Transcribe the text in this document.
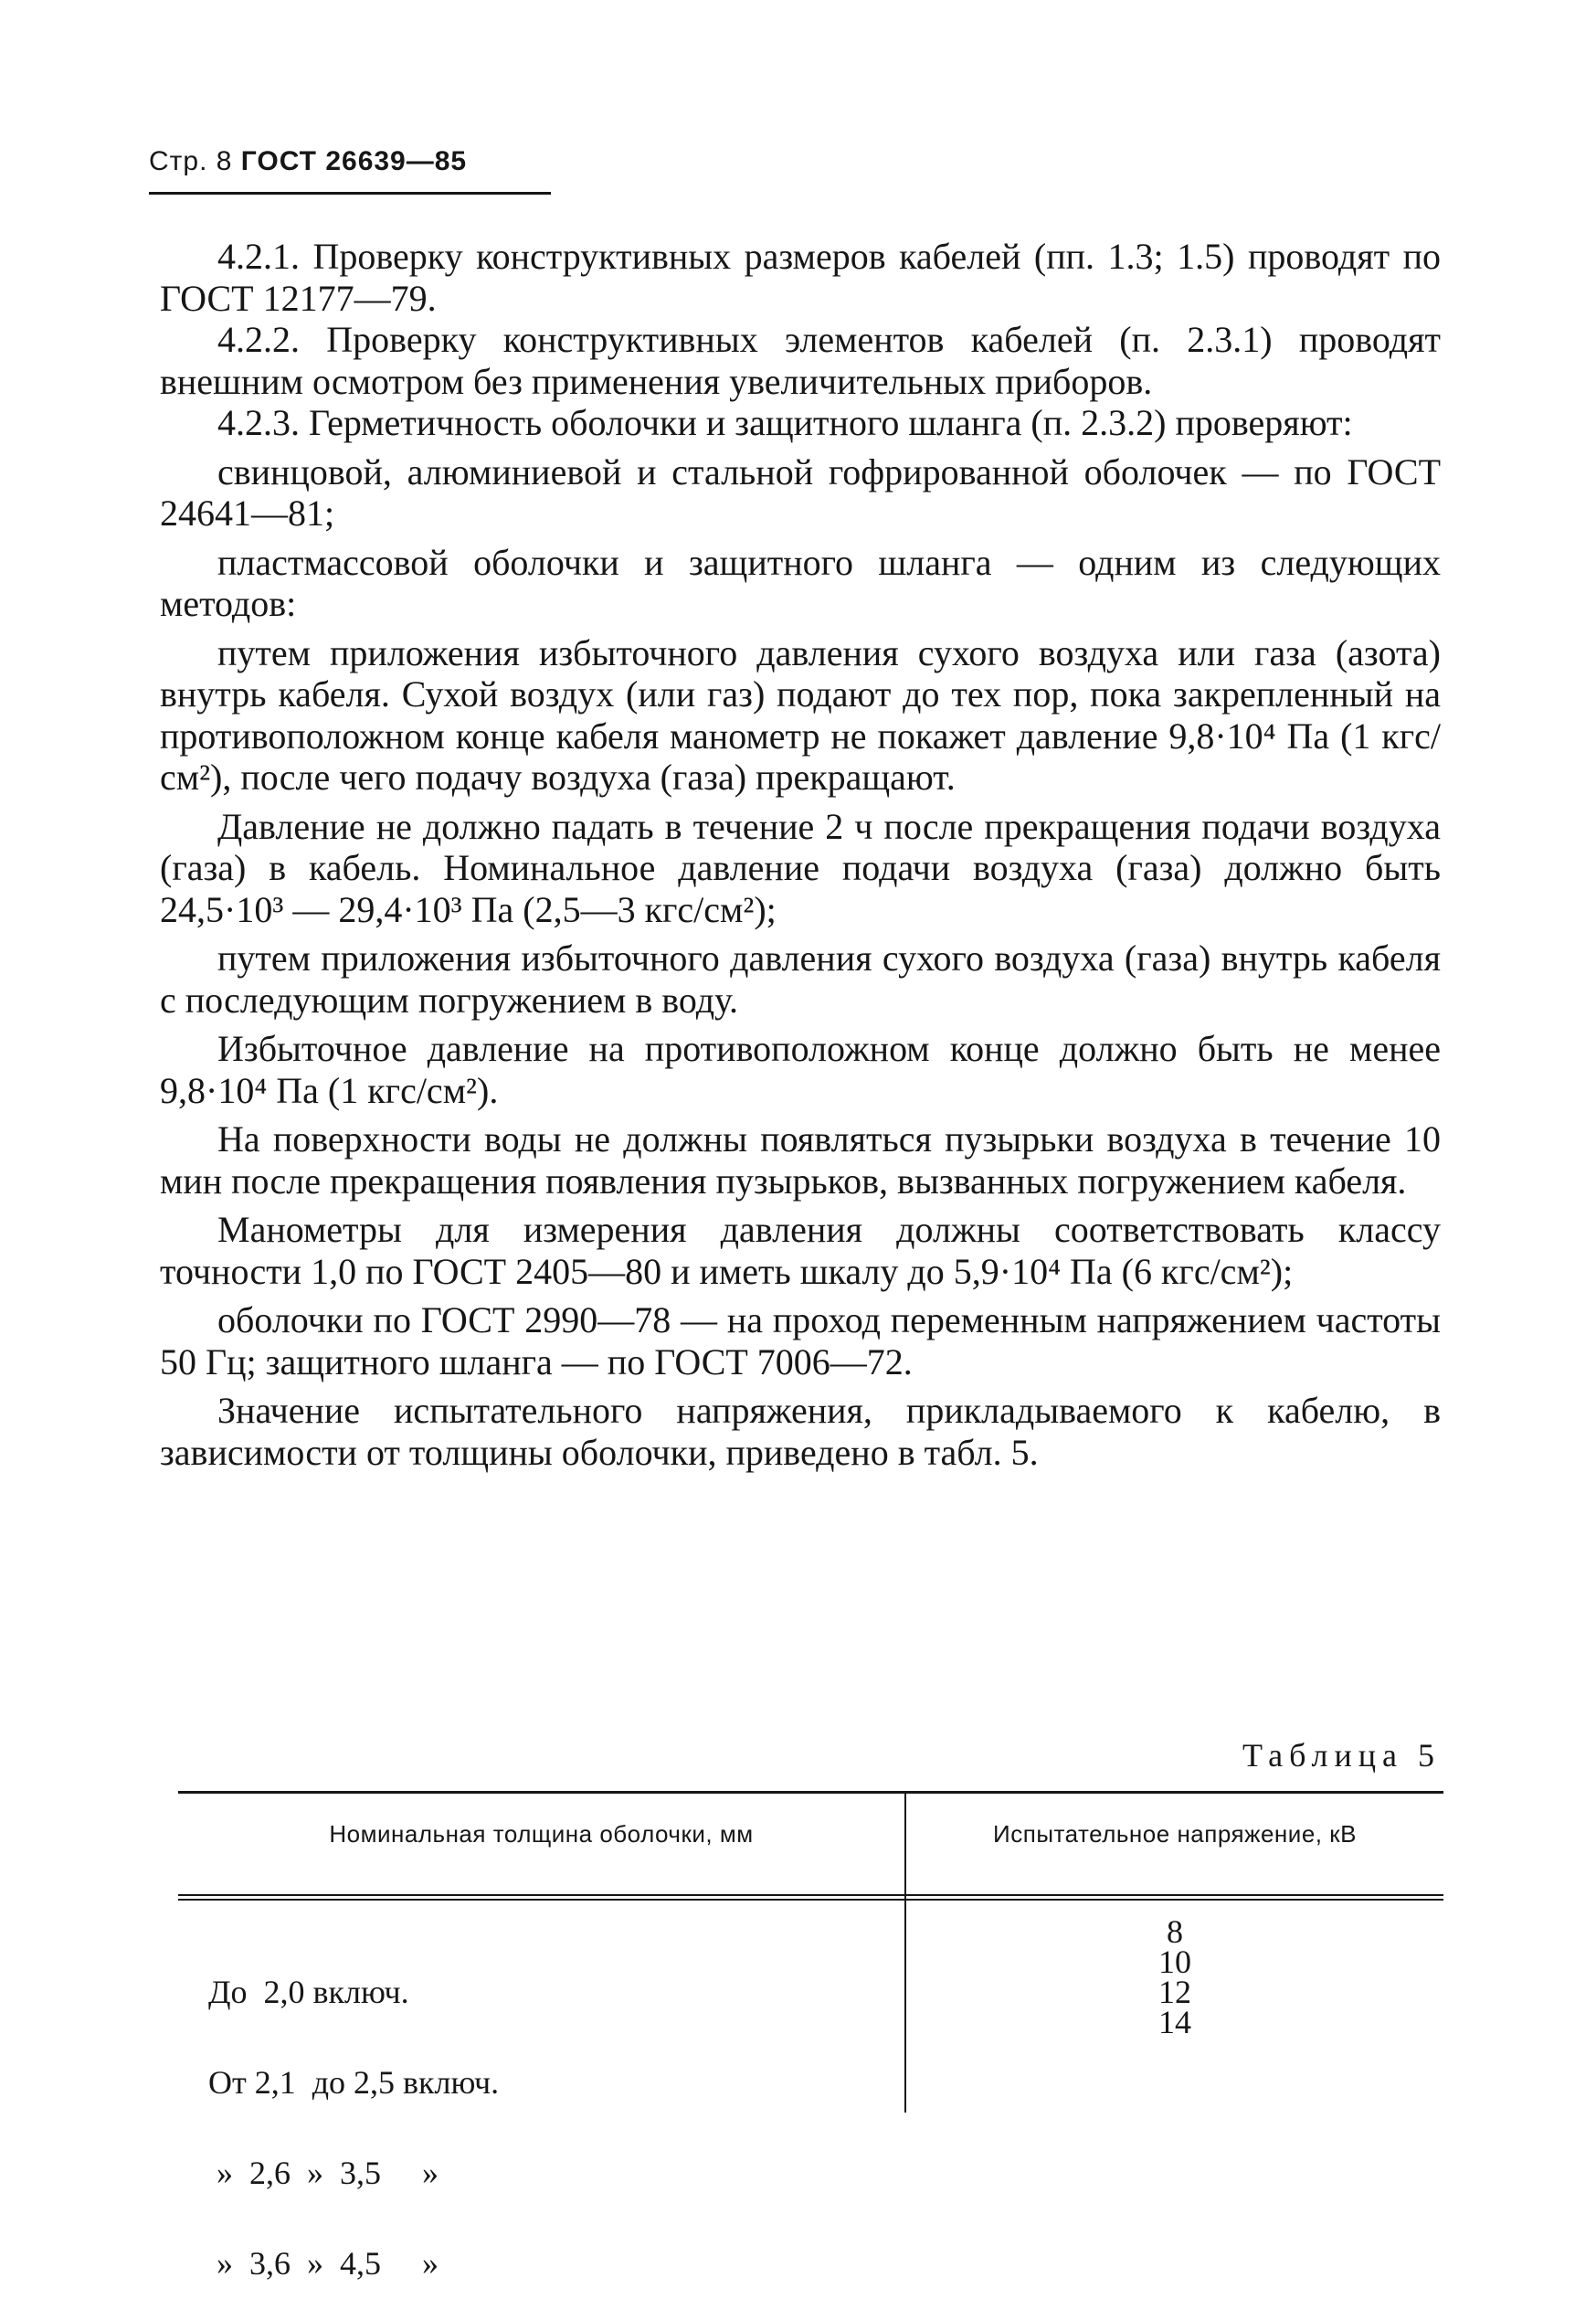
Стр. 8 ГОСТ 26639—85

4.2.1. Проверку конструктивных размеров кабелей (пп. 1.3; 1.5) проводят по ГОСТ 12177—79.

4.2.2. Проверку конструктивных элементов кабелей (п. 2.3.1) проводят внешним осмотром без применения увеличительных приборов.

4.2.3. Герметичность оболочки и защитного шланга (п. 2.3.2) проверяют:

свинцовой, алюминиевой и стальной гофрированной оболочек — по ГОСТ 24641—81;

пластмассовой оболочки и защитного шланга — одним из следующих методов:

путем приложения избыточного давления сухого воздуха или газа (азота) внутрь кабеля. Сухой воздух (или газ) подают до тех пор, пока закрепленный на противоположном конце кабеля манометр не покажет давление 9,8·10⁴ Па (1 кгс/см²), после чего подачу воздуха (газа) прекращают.

Давление не должно падать в течение 2 ч после прекращения подачи воздуха (газа) в кабель. Номинальное давление подачи воздуха (газа) должно быть 24,5·10³ — 29,4·10³ Па (2,5—3 кгс/см²);

путем приложения избыточного давления сухого воздуха (газа) внутрь кабеля с последующим погружением в воду.

Избыточное давление на противоположном конце должно быть не менее 9,8·10⁴ Па (1 кгс/см²).

На поверхности воды не должны появляться пузырьки воздуха в течение 10 мин после прекращения появления пузырьков, вызванных погружением кабеля.

Манометры для измерения давления должны соответствовать классу точности 1,0 по ГОСТ 2405—80 и иметь шкалу до 5,9·10⁴ Па (6 кгс/см²);

оболочки по ГОСТ 2990—78 — на проход переменным напряжением частоты 50 Гц; защитного шланга — по ГОСТ 7006—72.

Значение испытательного напряжения, прикладываемого к кабелю, в зависимости от толщины оболочки, приведено в табл. 5.

Таблица 5
Номинальная толщина оболочки, мм	Испытательное напряжение, кВ

До  2,0 включ.

От 2,1  до 2,5 включ.

»  2,6  »  3,5     »

»  3,6  »  4,5     »

8
10
12
14
